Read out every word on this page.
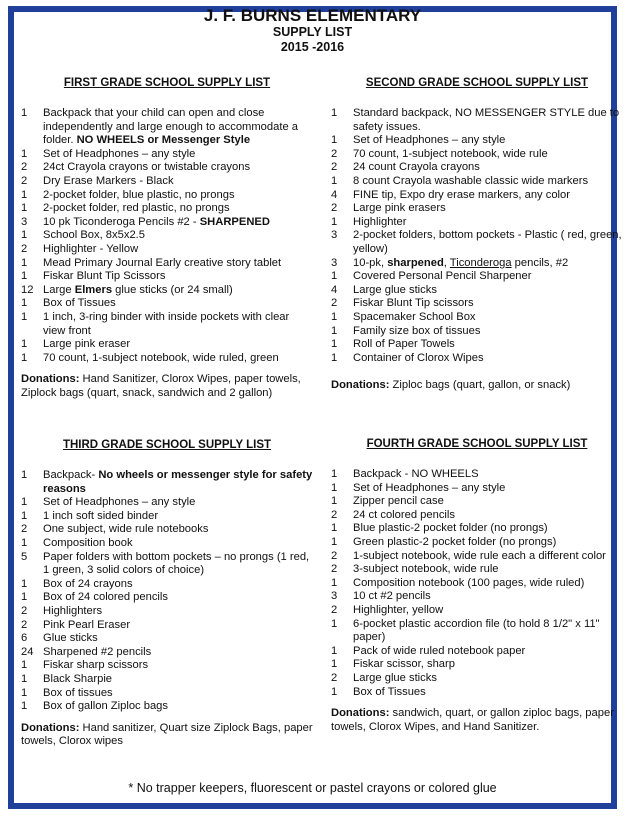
J. F. BURNS ELEMENTARY
SUPPLY LIST
2015 -2016
FIRST GRADE SCHOOL SUPPLY LIST
1	Backpack that your child can open and close independently and large enough to accommodate a folder. NO WHEELS or Messenger Style
1	Set of Headphones – any style
2	24ct Crayola crayons or twistable crayons
2	Dry Erase Markers - Black
1	2-pocket folder, blue plastic, no prongs
1	2-pocket folder, red plastic, no prongs
3	10 pk Ticonderoga Pencils #2 - SHARPENED
1	School Box, 8x5x2.5
2	Highlighter - Yellow
1	Mead Primary Journal Early creative story tablet
1	Fiskar Blunt Tip Scissors
12 Large Elmers glue sticks (or 24 small)
1	Box of Tissues
1	1 inch, 3-ring binder with inside pockets with clear view front
1	Large pink eraser
1	70 count, 1-subject notebook, wide ruled, green
Donations: Hand Sanitizer, Clorox Wipes, paper towels, Ziplock bags (quart, snack, sandwich and 2 gallon)
SECOND GRADE SCHOOL SUPPLY LIST
1	Standard backpack, NO MESSENGER STYLE due to safety issues.
1	Set of Headphones – any style
2	70 count, 1-subject notebook, wide rule
2	24 count Crayola crayons
1	8 count Crayola washable classic wide markers
4	FINE tip, Expo dry erase markers, any color
2	Large pink erasers
1	Highlighter
3	2-pocket folders, bottom pockets - Plastic ( red, green, yellow)
3	10-pk, sharpened, Ticonderoga pencils, #2
1	Covered Personal Pencil Sharpener
4	Large glue sticks
2	Fiskar Blunt Tip scissors
1	Spacemaker School Box
1	Family size box of tissues
1	Roll of Paper Towels
1	Container of Clorox Wipes
Donations: Ziploc bags (quart, gallon, or snack)
THIRD GRADE SCHOOL SUPPLY LIST
1	Backpack- No wheels or messenger style for safety reasons
1	Set of Headphones – any style
1	1 inch soft sided binder
2	One subject, wide rule notebooks
1	Composition book
5	Paper folders with bottom pockets – no prongs (1 red, 1 green, 3 solid colors of choice)
1	Box of 24 crayons
1	Box of 24 colored pencils
2	Highlighters
2	Pink Pearl Eraser
6	Glue sticks
24 Sharpened #2 pencils
1	Fiskar sharp scissors
1	Black Sharpie
1	Box of tissues
1	Box of gallon Ziploc bags
Donations: Hand sanitizer, Quart size Ziplock Bags, paper towels, Clorox wipes
FOURTH GRADE SCHOOL SUPPLY LIST
1	Backpack - NO WHEELS
1	Set of Headphones – any style
1	Zipper pencil case
2	24 ct colored pencils
1	Blue plastic-2 pocket folder (no prongs)
1	Green plastic-2 pocket folder (no prongs)
2	1-subject notebook, wide rule each a different color
2	3-subject notebook, wide rule
1	Composition notebook (100 pages, wide ruled)
3	10 ct #2 pencils
2	Highlighter, yellow
1	6-pocket plastic accordion file (to hold 8 1/2" x 11" paper)
1	Pack of wide ruled notebook paper
1	Fiskar scissor, sharp
2	Large glue sticks
1	Box of Tissues
Donations: sandwich, quart, or gallon ziploc bags, paper towels, Clorox Wipes, and Hand Sanitizer.
* No trapper keepers, fluorescent or pastel crayons or colored glue
